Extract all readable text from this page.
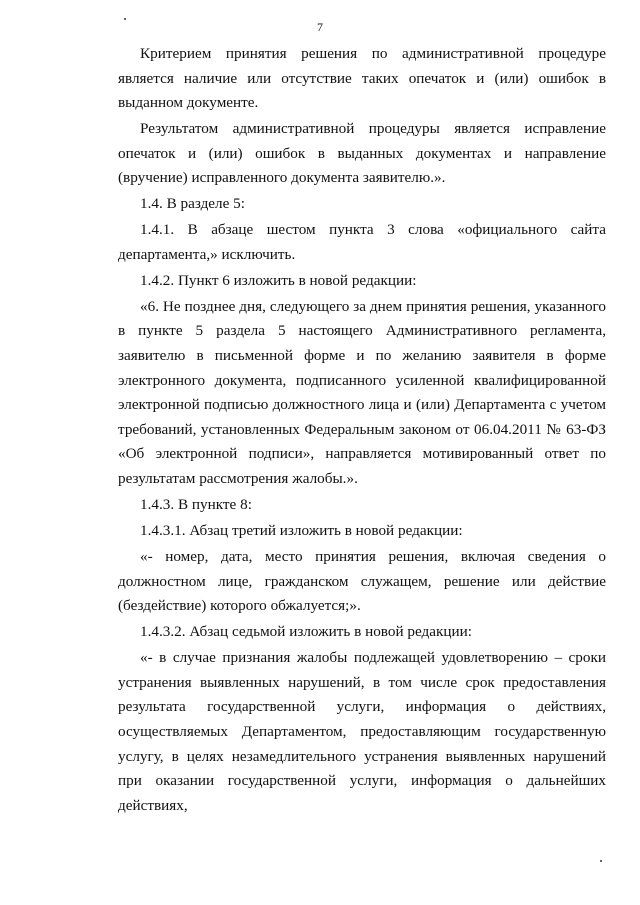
7

Критерием принятия решения по административной процедуре является наличие или отсутствие таких опечаток и (или) ошибок в выданном документе.

Результатом административной процедуры является исправление опечаток и (или) ошибок в выданных документах и направление (вручение) исправленного документа заявителю.».

1.4. В разделе 5:

1.4.1. В абзаце шестом пункта 3 слова «официального сайта департамента,» исключить.

1.4.2. Пункт 6 изложить в новой редакции:

«6. Не позднее дня, следующего за днем принятия решения, указанного в пункте 5 раздела 5 настоящего Административного регламента, заявителю в письменной форме и по желанию заявителя в форме электронного документа, подписанного усиленной квалифицированной электронной подписью должностного лица и (или) Департамента с учетом требований, установленных Федеральным законом от 06.04.2011 № 63-ФЗ «Об электронной подписи», направляется мотивированный ответ по результатам рассмотрения жалобы.».

1.4.3. В пункте 8:

1.4.3.1. Абзац третий изложить в новой редакции:

«- номер, дата, место принятия решения, включая сведения о должностном лице, гражданском служащем, решение или действие (бездействие) которого обжалуется;».

1.4.3.2. Абзац седьмой изложить в новой редакции:

«- в случае признания жалобы подлежащей удовлетворению – сроки устранения выявленных нарушений, в том числе срок предоставления результата государственной услуги, информация о действиях, осуществляемых Департаментом, предоставляющим государственную услугу, в целях незамедлительного устранения выявленных нарушений при оказании государственной услуги, информация о дальнейших действиях,
